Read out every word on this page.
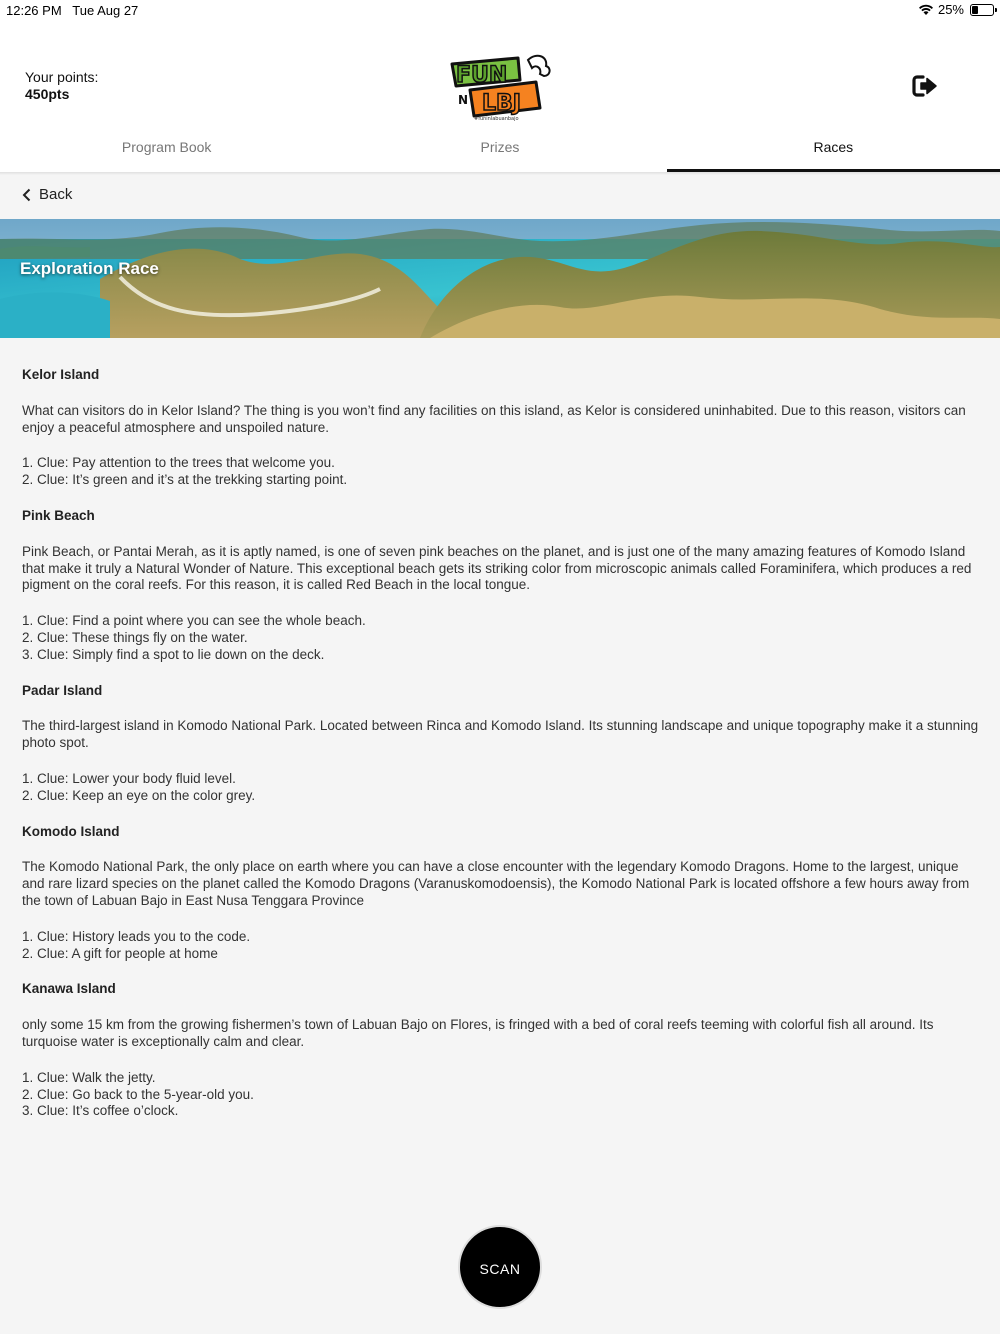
12:26 PM Tue Aug 27	25%
Your points:
450pts
FUN
N LBJ
#funinlabuanbajo
Program Book	Prizes	Races
Back
Exploration Race
Kelor Island

What can visitors do in Kelor Island? The thing is you won’t find any facilities on this island, as Kelor is considered uninhabited. Due to this reason, visitors can enjoy a peaceful atmosphere and unspoiled nature.

1. Clue: Pay attention to the trees that welcome you.
2. Clue: It’s green and it’s at the trekking starting point.
Pink Beach

Pink Beach, or Pantai Merah, as it is aptly named, is one of seven pink beaches on the planet, and is just one of the many amazing features of Komodo Island that make it truly a Natural Wonder of Nature. This exceptional beach gets its striking color from microscopic animals called Foraminifera, which produces a red pigment on the coral reefs. For this reason, it is called Red Beach in the local tongue.

1. Clue: Find a point where you can see the whole beach.
2. Clue: These things fly on the water.
3. Clue: Simply find a spot to lie down on the deck.
Padar Island

The third-largest island in Komodo National Park. Located between Rinca and Komodo Island. Its stunning landscape and unique topography make it a stunning photo spot.

1. Clue: Lower your body fluid level.
2. Clue: Keep an eye on the color grey.
Komodo Island

The Komodo National Park, the only place on earth where you can have a close encounter with the legendary Komodo Dragons. Home to the largest, unique and rare lizard species on the planet called the Komodo Dragons (Varanuskomodoensis), the Komodo National Park is located offshore a few hours away from the town of Labuan Bajo in East Nusa Tenggara Province

1. Clue: History leads you to the code.
2. Clue: A gift for people at home
Kanawa Island

only some 15 km from the growing fishermen’s town of Labuan Bajo on Flores, is fringed with a bed of coral reefs teeming with colorful fish all around. Its turquoise water is exceptionally calm and clear.

1. Clue: Walk the jetty.
2. Clue: Go back to the 5-year-old you.
3. Clue: It’s coffee o’clock.
SCAN
